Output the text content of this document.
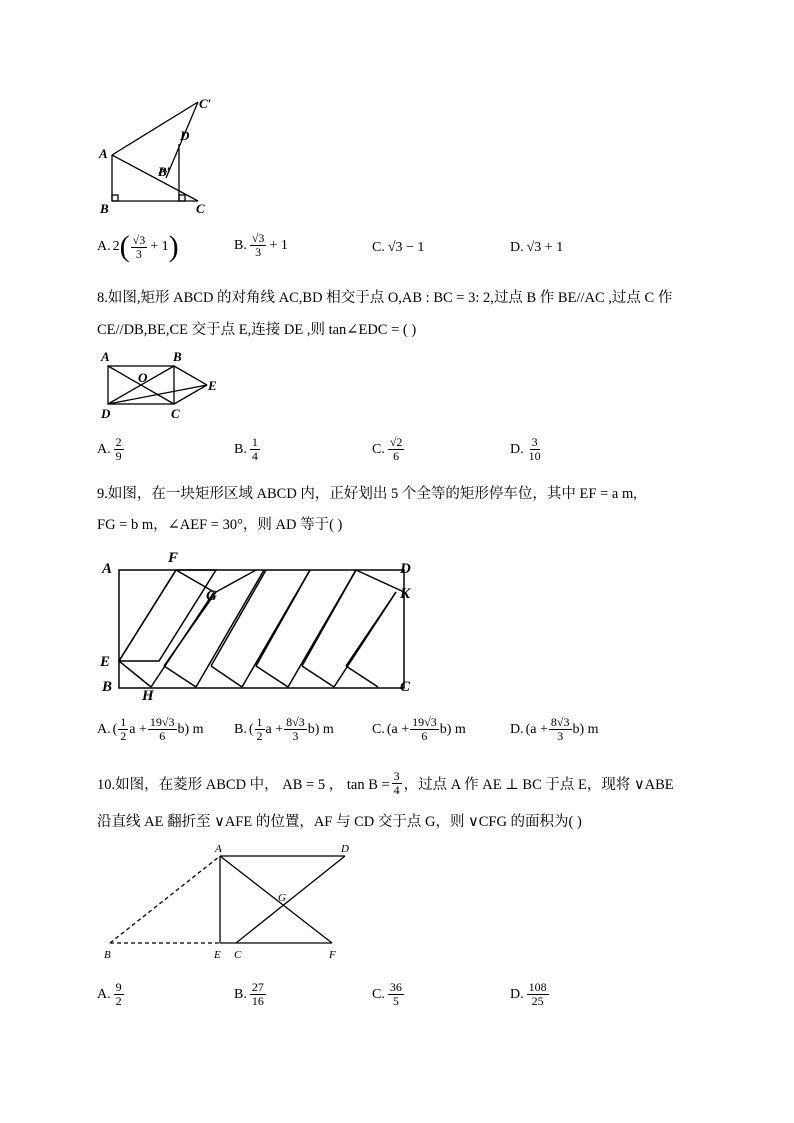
C′
D
A
B′
B	C
A. 2 ( $\frac{√3}{3} + 1$ )	B. $\frac{√3}{3} + 1$	C. √3 − 1	D. √3 + 1
8.如图,矩形 ABCD 的对角线 AC,BD 相交于点 O,AB : BC = 3: 2,过点 B 作 BE//AC ,过点 C 作
CE//DB,BE,CE 交于点 E,连接 DE ,则 tan∠EDC = ( )
A	B
O
E
D	C
A. $\frac{2}{9}$	B. $\frac{1}{4}$	C. $\frac{√2}{6}$	D. $\frac{3}{10}$
9.如图，在一块矩形区域 ABCD 内，正好划出 5 个全等的矩形停车位，其中 EF = a m,
FG = b m，∠AEF = 30°，则 AD 等于( )
A
F
G
D
K
E
B
H
C
A. ( $\frac{1}{2}$ $a + \frac{19√3}{6} b$) m B. ( $\frac{1}{2}$ $a + \frac{8√3}{3} b$) m	C. $(a + \frac{19√3}{6} b)$ m	D. $(a + \frac{8√3}{3} b)$ m
10.如图，在菱形 ABCD 中， AB = 5 ， $\tan B = \frac{3}{4}$ ，过点 A 作 AE ⊥ BC 于点 E，现将 ∨ABE
沿直线 AE 翻折至 ∨AFE 的位置，AF 与 CD 交于点 G，则 ∨CFG 的面积为( )
A	D
G
B	E C	F
A. $\frac{9}{2}$	B. $\frac{27}{16}$	C. $\frac{36}{5}$	D. $\frac{108}{25}$
